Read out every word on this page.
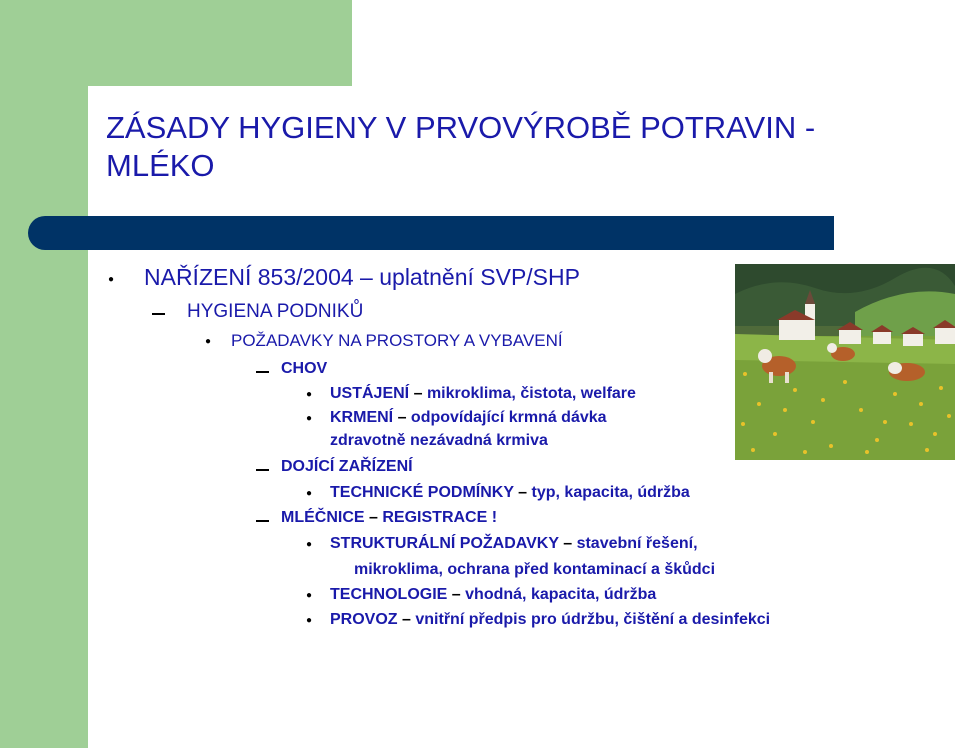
ZÁSADY HYGIENY V PRVOVÝROBĚ POTRAVIN - MLÉKO
● NAŘÍZENÍ 853/2004 – uplatnění SVP/SHP
HYGIENA PODNIKŮ
● POŽADAVKY NA PROSTORY A VYBAVENÍ
CHOV
● USTÁJENÍ – mikroklima, čistota, welfare
● KRMENÍ – odpovídající krmná dávka
zdravotně nezávadná krmiva
DOJÍCÍ ZAŘÍZENÍ
● TECHNICKÉ PODMÍNKY – typ, kapacita, údržba
MLÉČNICE – REGISTRACE !
● STRUKTURÁLNÍ POŽADAVKY – stavební řešení,
mikroklima, ochrana před kontaminací a škůdci
● TECHNOLOGIE – vhodná, kapacita, údržba
● PROVOZ – vnitřní předpis pro údržbu, čištění a desinfekci
